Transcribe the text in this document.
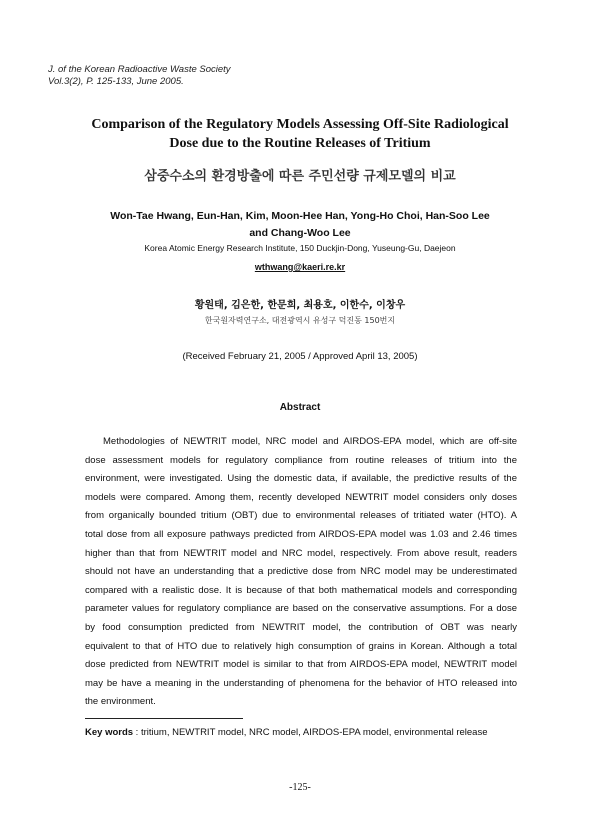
J. of the Korean Radioactive Waste Society
Vol.3(2), P. 125-133, June 2005.
Comparison of the Regulatory Models Assessing Off-Site Radiological
Dose due to the Routine Releases of Tritium
삼중수소의 환경방출에 따른 주민선량 규제모델의 비교
Won-Tae Hwang, Eun-Han, Kim, Moon-Hee Han, Yong-Ho Choi, Han-Soo Lee
and Chang-Woo Lee
Korea Atomic Energy Research Institute, 150 Duckjin-Dong, Yuseung-Gu, Daejeon
wthwang@kaeri.re.kr
황원태, 김은한, 한문희, 최용호, 이한수, 이창우
한국원자력연구소, 대전광역시 유성구 덕진동 150번지
(Received February 21, 2005 / Approved April 13, 2005)
Abstract
Methodologies of NEWTRIT model, NRC model and AIRDOS-EPA model, which are off-site
dose assessment models for regulatory compliance from routine releases of tritium into the
environment, were investigated. Using the domestic data, if available, the predictive results of the
models were compared. Among them, recently developed NEWTRIT model considers only doses
from organically bounded tritium (OBT) due to environmental releases of tritiated water (HTO). A
total dose from all exposure pathways predicted from AIRDOS-EPA model was 1.03 and 2.46 times
higher than that from NEWTRIT model and NRC model, respectively. From above result, readers
should not have an understanding that a predictive dose from NRC model may be underestimated
compared with a realistic dose. It is because of that both mathematical models and corresponding
parameter values for regulatory compliance are based on the conservative assumptions. For a dose
by food consumption predicted from NEWTRIT model, the contribution of OBT was nearly
equivalent to that of HTO due to relatively high consumption of grains in Korean. Although a total
dose predicted from NEWTRIT model is similar to that from AIRDOS-EPA model, NEWTRIT model
may be have a meaning in the understanding of phenomena for the behavior of HTO released into
the environment.
Key words : tritium, NEWTRIT model, NRC model, AIRDOS-EPA model, environmental release
-125-
